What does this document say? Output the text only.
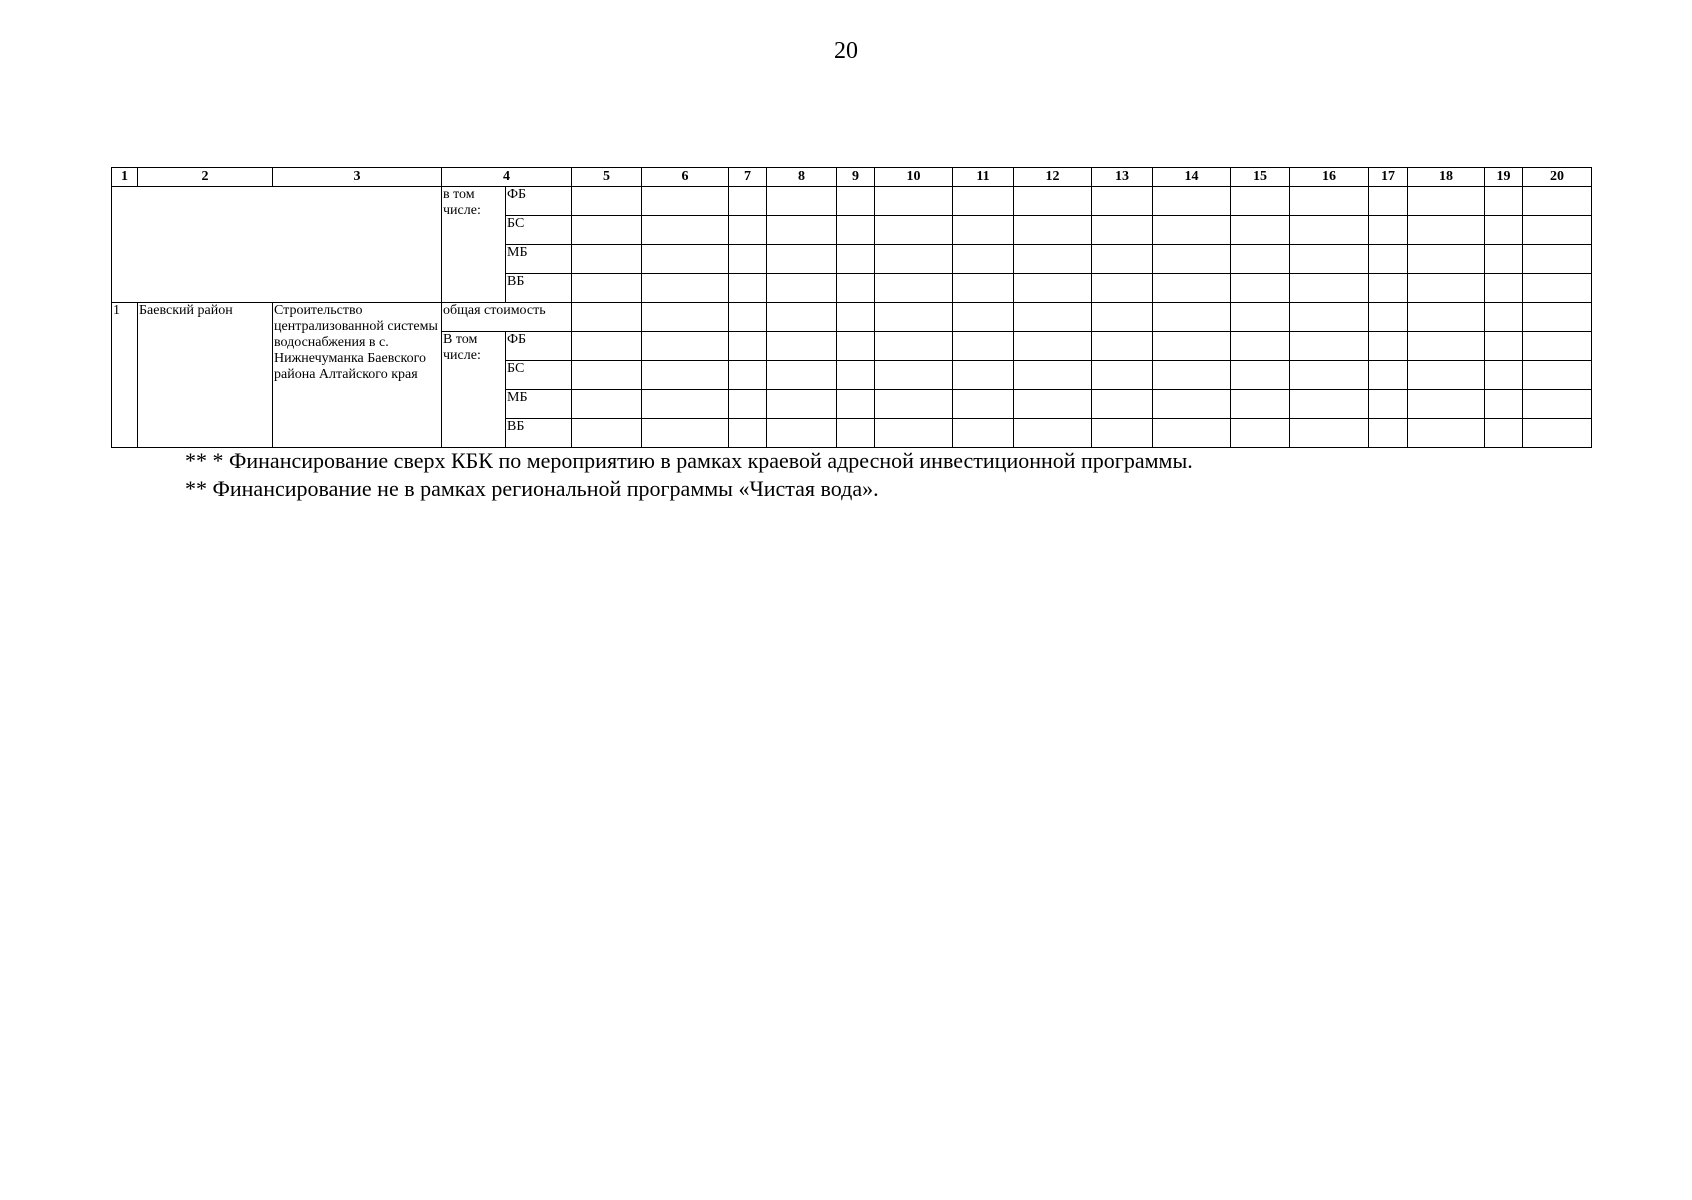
20
1	2	3	4		5	6	7	8	9	10	11	12	13	14	15	16	17	18	19	20
			в том числе:	ФБ																
				БС																
				МБ																
				ВБ																
1	Баевский район	Строительство централизованной системы водоснабжения в с. Нижнечуманка Баевского района Алтайского края	общая стоимость																	
			В том числе:	ФБ																
				БС																
				МБ																
				ВБ																
** * Финансирование сверх КБК по мероприятию в рамках краевой адресной инвестиционной программы.
** Финансирование не в рамках региональной программы «Чистая вода».
